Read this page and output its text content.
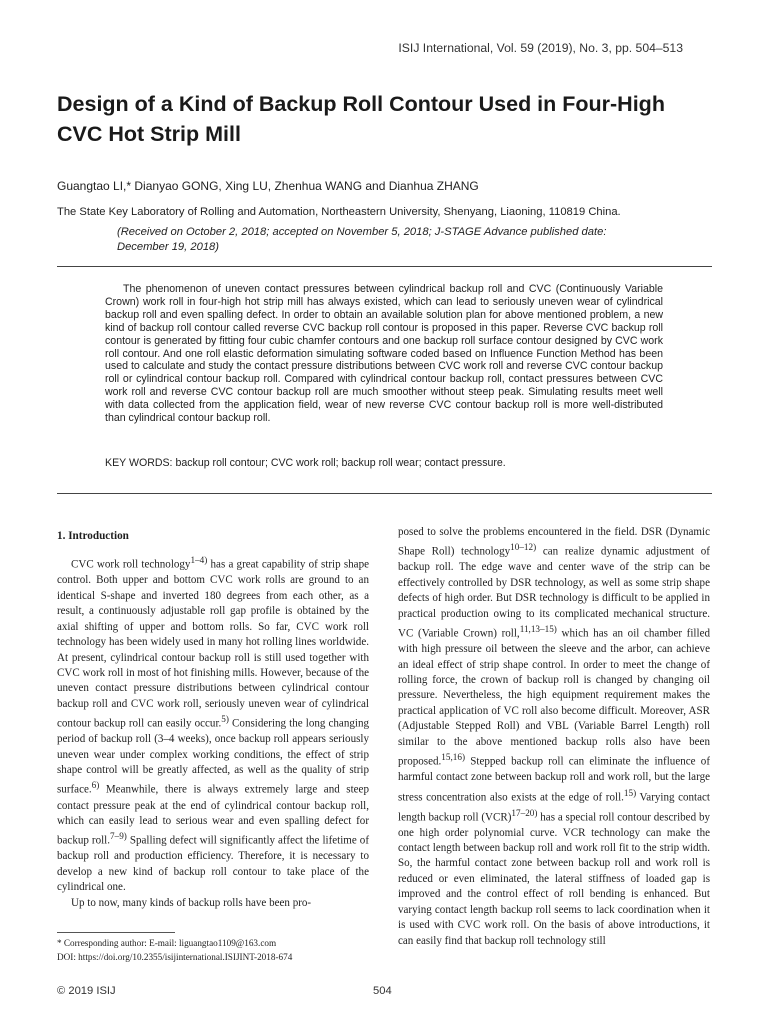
ISIJ International, Vol. 59 (2019), No. 3, pp. 504–513
Design of a Kind of Backup Roll Contour Used in Four-High CVC Hot Strip Mill
Guangtao LI,* Dianyao GONG, Xing LU, Zhenhua WANG and Dianhua ZHANG
The State Key Laboratory of Rolling and Automation, Northeastern University, Shenyang, Liaoning, 110819 China.
(Received on October 2, 2018; accepted on November 5, 2018; J-STAGE Advance published date: December 19, 2018)

The phenomenon of uneven contact pressures between cylindrical backup roll and CVC (Continuously Variable Crown) work roll in four-high hot strip mill has always existed, which can lead to seriously uneven wear of cylindrical backup roll and even spalling defect. In order to obtain an available solution plan for above mentioned problem, a new kind of backup roll contour called reverse CVC backup roll contour is proposed in this paper. Reverse CVC backup roll contour is generated by fitting four cubic chamfer contours and one backup roll surface contour designed by CVC work roll contour. And one roll elastic deformation simulating software coded based on Influence Function Method has been used to calculate and study the contact pressure distributions between CVC work roll and reverse CVC contour backup roll or cylindrical contour backup roll. Compared with cylindrical contour backup roll, contact pressures between CVC work roll and reverse CVC contour backup roll are much smoother without steep peak. Simulating results meet well with data collected from the application field, wear of new reverse CVC contour backup roll is more well-distributed than cylindrical contour backup roll.

KEY WORDS: backup roll contour; CVC work roll; backup roll wear; contact pressure.

1. Introduction

CVC work roll technology$^{1-4)}$ has a great capability of strip shape control. Both upper and bottom CVC work rolls are ground to an identical S-shape and inverted 180 degrees from each other, as a result, a continuously adjustable roll gap profile is obtained by the axial shifting of upper and bottom rolls. So far, CVC work roll technology has been widely used in many hot rolling lines worldwide. At present, cylindrical contour backup roll is still used together with CVC work roll in most of hot finishing mills. However, because of the uneven contact pressure distributions between cylindrical contour backup roll and CVC work roll, seriously uneven wear of cylindrical contour backup roll can easily occur.$^{5)}$ Considering the long changing period of backup roll (3–4 weeks), once backup roll appears seriously uneven wear under complex working conditions, the effect of strip shape control will be greatly affected, as well as the quality of strip surface.$^{6)}$ Meanwhile, there is always extremely large and steep contact pressure peak at the end of cylindrical contour backup roll, which can easily lead to serious wear and even spalling defect for backup roll.$^{7-9)}$ Spalling defect will significantly affect the lifetime of backup roll and production efficiency. Therefore, it is necessary to develop a new kind of backup roll contour to take place of the cylindrical one.

Up to now, many kinds of backup rolls have been pro-

posed to solve the problems encountered in the field. DSR (Dynamic Shape Roll) technology$^{10-12)}$ can realize dynamic adjustment of backup roll. The edge wave and center wave of the strip can be effectively controlled by DSR technology, as well as some strip shape defects of high order. But DSR technology is difficult to be applied in practical production owing to its complicated mechanical structure. VC (Variable Crown) roll,$^{11,13-15)}$ which has an oil chamber filled with high pressure oil between the sleeve and the arbor, can achieve an ideal effect of strip shape control. In order to meet the change of rolling force, the crown of backup roll is changed by changing oil pressure. Nevertheless, the high equipment requirement makes the practical application of VC roll also become difficult. Moreover, ASR (Adjustable Stepped Roll) and VBL (Variable Barrel Length) roll similar to the above mentioned backup rolls also have been proposed.$^{15,16)}$ Stepped backup roll can eliminate the influence of harmful contact zone between backup roll and work roll, but the large stress concentration also exists at the edge of roll.$^{15)}$ Varying contact length backup roll (VCR)$^{17-20)}$ has a special roll contour described by one high order polynomial curve. VCR technology can make the contact length between backup roll and work roll fit to the strip width. So, the harmful contact zone between backup roll and work roll is reduced or even eliminated, the lateral stiffness of loaded gap is improved and the control effect of roll bending is enhanced. But varying contact length backup roll seems to lack coordination when it is used with CVC work roll. On the basis of above introductions, it can easily find that backup roll technology still

* Corresponding author: E-mail: liguangtao1109@163.com

DOI: https://doi.org/10.2355/isijinternational.ISIJINT-2018-674

© 2019 ISIJ	504
